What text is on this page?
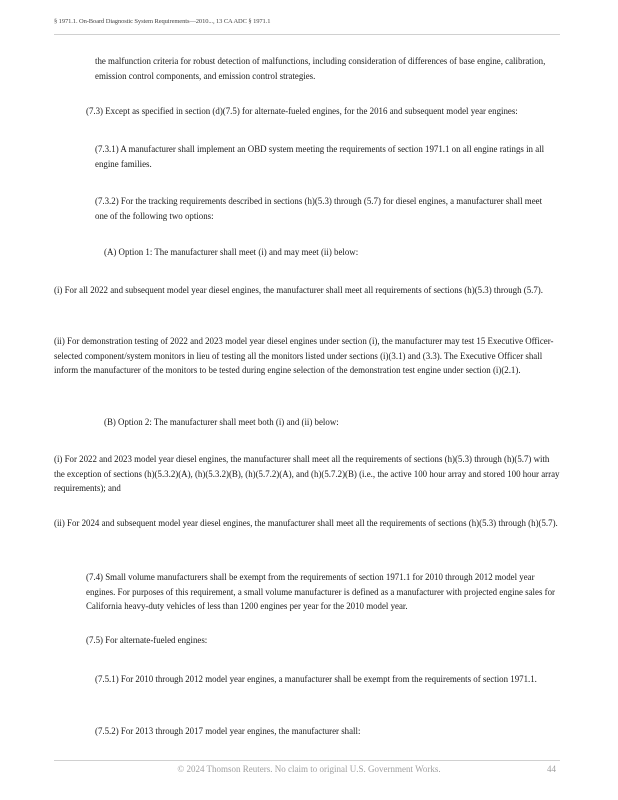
§ 1971.1. On-Board Diagnostic System Requirements—2010..., 13 CA ADC § 1971.1

the malfunction criteria for robust detection of malfunctions, including consideration of differences of base engine, calibration, emission control components, and emission control strategies.

(7.3) Except as specified in section (d)(7.5) for alternate-fueled engines, for the 2016 and subsequent model year engines:

(7.3.1) A manufacturer shall implement an OBD system meeting the requirements of section 1971.1 on all engine ratings in all engine families.

(7.3.2) For the tracking requirements described in sections (h)(5.3) through (5.7) for diesel engines, a manufacturer shall meet one of the following two options:

(A) Option 1: The manufacturer shall meet (i) and may meet (ii) below:

(i) For all 2022 and subsequent model year diesel engines, the manufacturer shall meet all requirements of sections (h)(5.3) through (5.7).

(ii) For demonstration testing of 2022 and 2023 model year diesel engines under section (i), the manufacturer may test 15 Executive Officer-selected component/system monitors in lieu of testing all the monitors listed under sections (i)(3.1) and (3.3). The Executive Officer shall inform the manufacturer of the monitors to be tested during engine selection of the demonstration test engine under section (i)(2.1).

(B) Option 2: The manufacturer shall meet both (i) and (ii) below:

(i) For 2022 and 2023 model year diesel engines, the manufacturer shall meet all the requirements of sections (h)(5.3) through (h)(5.7) with the exception of sections (h)(5.3.2)(A), (h)(5.3.2)(B), (h)(5.7.2)(A), and (h)(5.7.2)(B) (i.e., the active 100 hour array and stored 100 hour array requirements); and

(ii) For 2024 and subsequent model year diesel engines, the manufacturer shall meet all the requirements of sections (h)(5.3) through (h)(5.7).

(7.4) Small volume manufacturers shall be exempt from the requirements of section 1971.1 for 2010 through 2012 model year engines. For purposes of this requirement, a small volume manufacturer is defined as a manufacturer with projected engine sales for California heavy-duty vehicles of less than 1200 engines per year for the 2010 model year.

(7.5) For alternate-fueled engines:

(7.5.1) For 2010 through 2012 model year engines, a manufacturer shall be exempt from the requirements of section 1971.1.

(7.5.2) For 2013 through 2017 model year engines, the manufacturer shall:

© 2024 Thomson Reuters. No claim to original U.S. Government Works.	44
